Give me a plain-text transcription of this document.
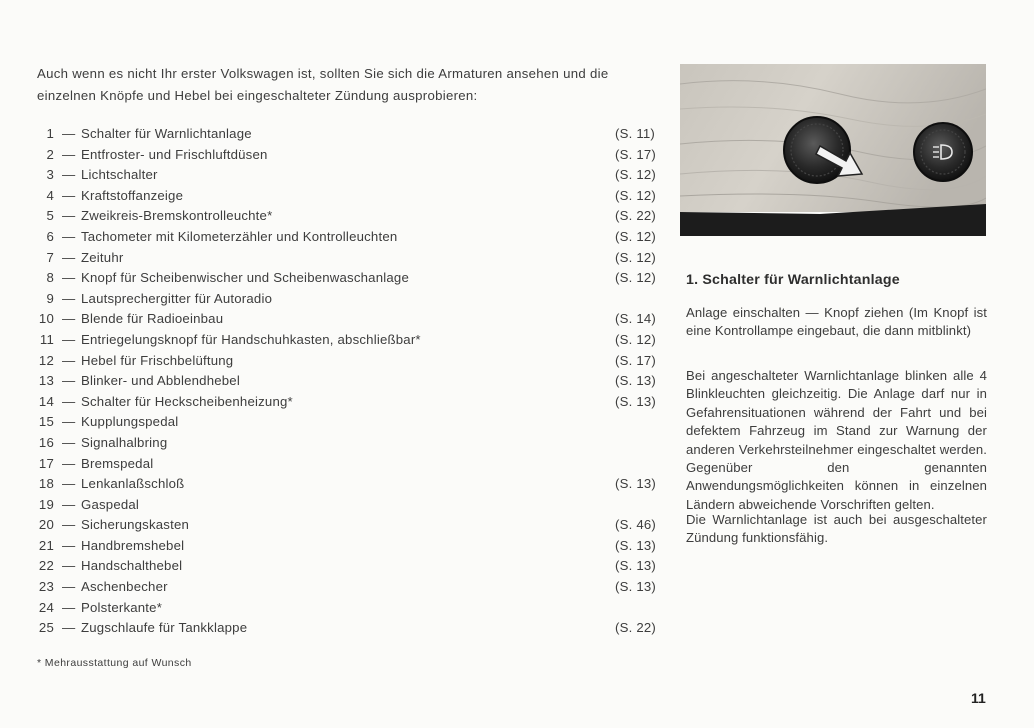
Auch wenn es nicht Ihr erster Volkswagen ist, sollten Sie sich die Armaturen ansehen und die einzelnen Knöpfe und Hebel bei eingeschalteter Zündung ausprobieren:
1 — Schalter für Warnlichtanlage	(S. 11)
2 — Entfroster- und Frischluftdüsen	(S. 17)
3 — Lichtschalter	(S. 12)
4 — Kraftstoffanzeige	(S. 12)
5 — Zweikreis-Bremskontrolleuchte*	(S. 22)
6 — Tachometer mit Kilometerzähler und Kontrolleuchten	(S. 12)
7 — Zeituhr	(S. 12)
8 — Knopf für Scheibenwischer und Scheibenwaschanlage	(S. 12)
9 — Lautsprechergitter für Autoradio
10 — Blende für Radioeinbau	(S. 14)
11 — Entriegelungsknopf für Handschuhkasten, abschließbar*	(S. 12)
12 — Hebel für Frischbelüftung	(S. 17)
13 — Blinker- und Abblendhebel	(S. 13)
14 — Schalter für Heckscheibenheizung*	(S. 13)
15 — Kupplungspedal
16 — Signalhalbring
17 — Bremspedal
18 — Lenkanlaßschloß	(S. 13)
19 — Gaspedal
20 — Sicherungskasten	(S. 46)
21 — Handbremshebel	(S. 13)
22 — Handschalthebel	(S. 13)
23 — Aschenbecher	(S. 13)
24 — Polsterkante*
25 — Zugschlaufe für Tankklappe	(S. 22)
* Mehrausstattung auf Wunsch
1. Schalter für Warnlichtanlage
Anlage einschalten — Knopf ziehen (Im Knopf ist eine Kontrollampe eingebaut, die dann mitblinkt)
Bei angeschalteter Warnlichtanlage blinken alle 4 Blinkleuchten gleichzeitig. Die Anlage darf nur in Gefahrensituationen während der Fahrt und bei defektem Fahrzeug im Stand zur Warnung der anderen Verkehrsteilnehmer eingeschaltet werden. Gegenüber den genannten Anwendungsmöglichkeiten können in einzelnen Ländern abweichende Vorschriften gelten.
Die Warnlichtanlage ist auch bei ausgeschalteter Zündung funktionsfähig.
11
